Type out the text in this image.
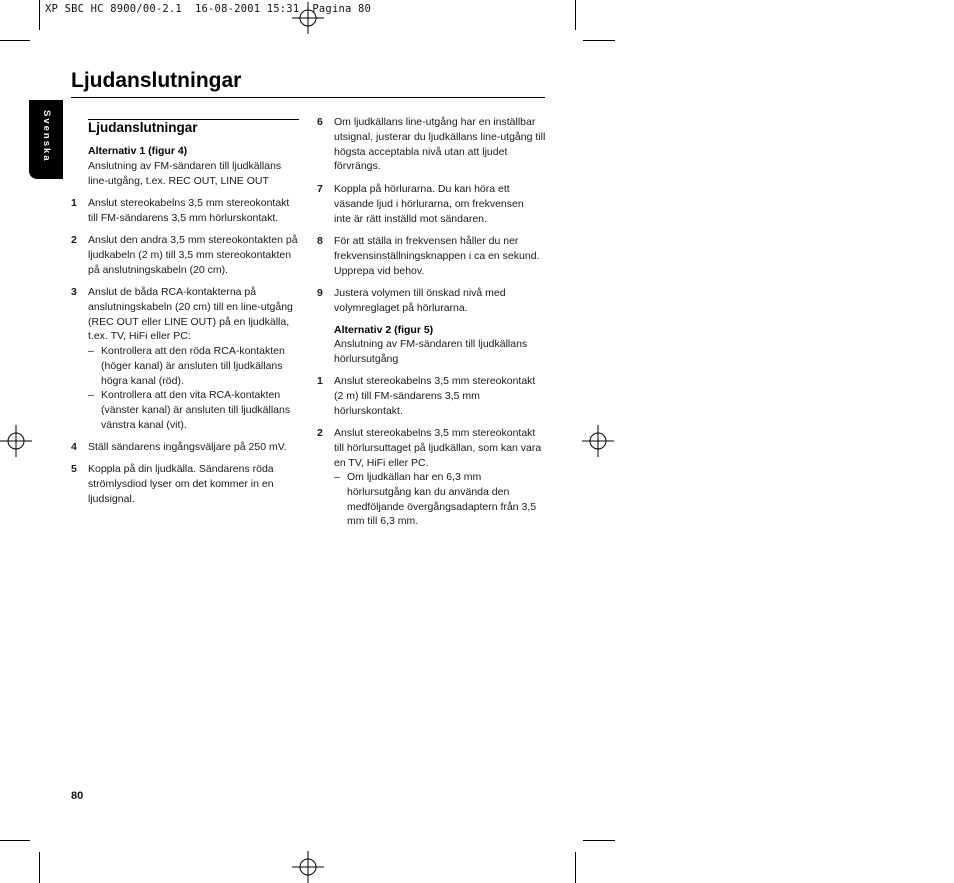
XP SBC HC 8900/00-2.1  16-08-2001 15:31  Pagina 80
Ljudanslutningar
Svenska	Ljudanslutningar
Alternativ 1 (figur 4)
Anslutning av FM-sändaren till ljudkällans
line-utgång, t.ex. REC OUT, LINE OUT
1 Anslut stereokabelns 3,5 mm stereokontakt
till FM-sändarens 3,5 mm hörlurskontakt.
2 Anslut den andra 3,5 mm stereokontakten på
ljudkabeln (2 m) till 3,5 mm stereokontakten
på anslutningskabeln (20 cm).
3 Anslut de båda RCA-kontakterna på
anslutningskabeln (20 cm) till en line-utgång
(REC OUT eller LINE OUT) på en ljudkälla,
t.ex. TV, HiFi eller PC:
– Kontrollera att den röda RCA-kontakten
(höger kanal) är ansluten till ljudkällans
högra kanal (röd).
– Kontrollera att den vita RCA-kontakten
(vänster kanal) är ansluten till ljudkällans
vänstra kanal (vit).
4 Ställ sändarens ingångsväljare på 250 mV.
5 Koppla på din ljudkälla. Sändarens röda
strömlysdiod lyser om det kommer in en
ljudsignal.
6 Om ljudkällans line-utgång har en inställbar
utsignal, justerar du ljudkällans line-utgång till
högsta acceptabla nivå utan att ljudet
förvrängs.
7 Koppla på hörlurarna. Du kan höra ett
väsande ljud i hörlurarna, om frekvensen
inte är rätt inställd mot sändaren.
8 För att ställa in frekvensen håller du ner
frekvensinställningsknappen i ca en sekund.
Upprepa vid behov.
9 Justera volymen till önskad nivå med
volymreglaget på hörlurarna.
Alternativ 2 (figur 5)
Anslutning av FM-sändaren till ljudkällans
hörlursutgång
1 Anslut stereokabelns 3,5 mm stereokontakt
(2 m) till FM-sändarens 3,5 mm
hörlurskontakt.
2 Anslut stereokabelns 3,5 mm stereokontakt
till hörlursuttaget på ljudkällan, som kan vara
en TV, HiFi eller PC.
– Om ljudkällan har en 6,3 mm
hörlursutgång kan du använda den
medföljande övergångsadaptern från 3,5
mm till 6,3 mm.
80
